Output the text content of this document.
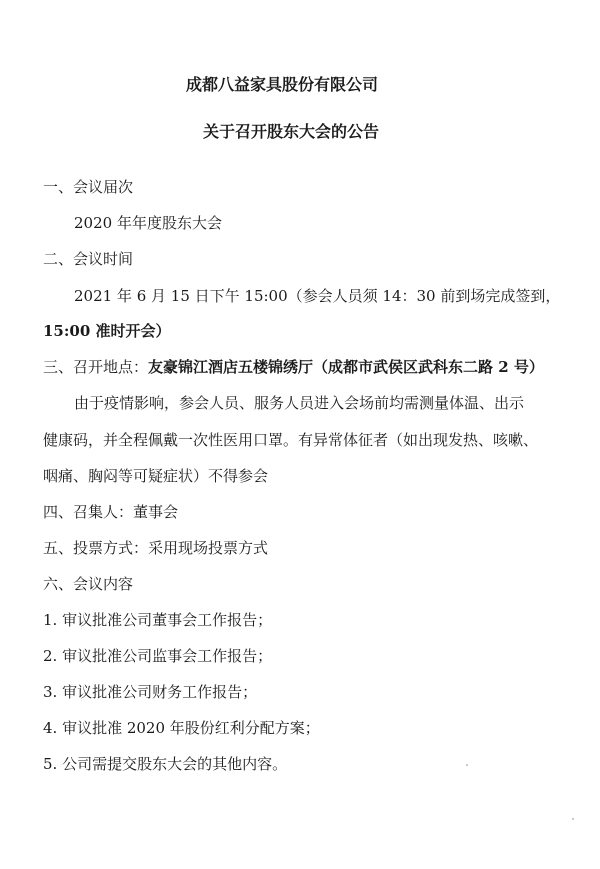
成都八益家具股份有限公司
关于召开股东大会的公告
一、会议届次
2020 年年度股东大会
二、会议时间
2021 年 6 月 15 日下午 15:00（参会人员须 14：30 前到场完成签到，
15:00 准时开会）
三、召开地点：友豪锦江酒店五楼锦绣厅（成都市武侯区武科东二路 2 号）
由于疫情影响，参会人员、服务人员进入会场前均需测量体温、出示
健康码，并全程佩戴一次性医用口罩。有异常体征者（如出现发热、咳嗽、
咽痛、胸闷等可疑症状）不得参会
四、召集人：董事会
五、投票方式：采用现场投票方式
六、会议内容
1. 审议批准公司董事会工作报告；
2. 审议批准公司监事会工作报告；
3. 审议批准公司财务工作报告；
4. 审议批准 2020 年股份红利分配方案；
5. 公司需提交股东大会的其他内容。
